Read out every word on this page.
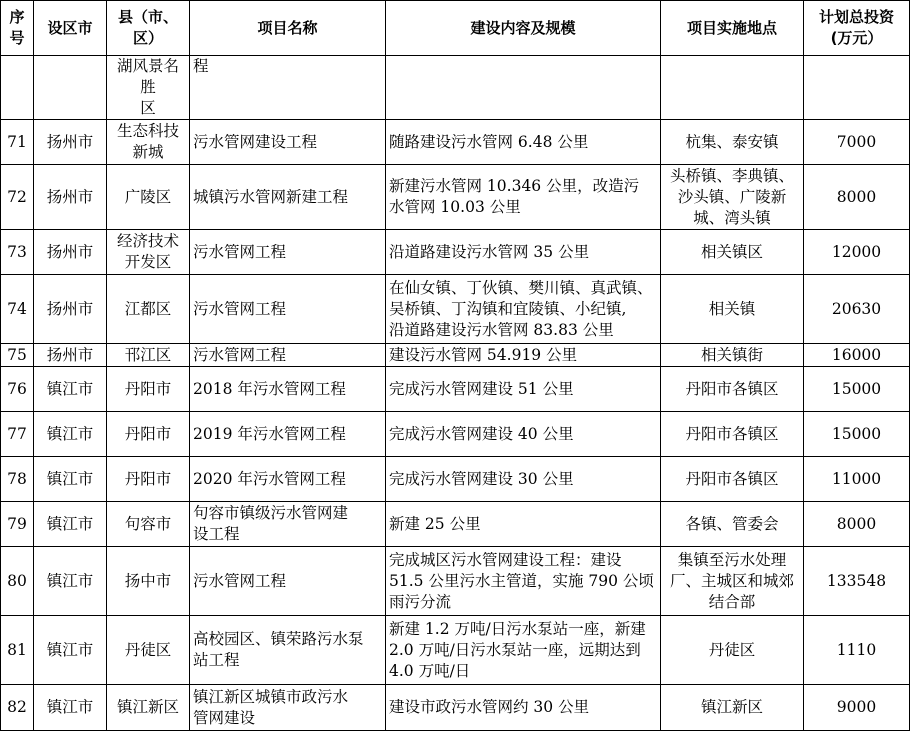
序
号	设区市	县（市、
区）	项目名称	建设内容及规模	项目实施地点	计划总投资
(万元）
		湖风景名胜
区	程			
71	扬州市	生态科技
新城	污水管网建设工程	随路建设污水管网 6.48 公里	杭集、泰安镇	7000
72	扬州市	广陵区	城镇污水管网新建工程	新建污水管网 10.346 公里，改造污
水管网 10.03 公里	头桥镇、李典镇、
沙头镇、广陵新
城、湾头镇	8000
73	扬州市	经济技术
开发区	污水管网工程	沿道路建设污水管网 35 公里	相关镇区	12000
74	扬州市	江都区	污水管网工程	在仙女镇、丁伙镇、樊川镇、真武镇、
吴桥镇、丁沟镇和宜陵镇、小纪镇,
沿道路建设污水管网 83.83 公里	相关镇	20630
75	扬州市	邗江区	污水管网工程	建设污水管网 54.919 公里	相关镇街	16000
76	镇江市	丹阳市	2018 年污水管网工程	完成污水管网建设 51 公里	丹阳市各镇区	15000
77	镇江市	丹阳市	2019 年污水管网工程	完成污水管网建设 40 公里	丹阳市各镇区	15000
78	镇江市	丹阳市	2020 年污水管网工程	完成污水管网建设 30 公里	丹阳市各镇区	11000
79	镇江市	句容市	句容市镇级污水管网建
设工程	新建 25 公里	各镇、管委会	8000
80	镇江市	扬中市	污水管网工程	完成城区污水管网建设工程：建设
51.5 公里污水主管道，实施 790 公顷
雨污分流	集镇至污水处理
厂、主城区和城郊
结合部	133548
81	镇江市	丹徒区	高校园区、镇荣路污水泵
站工程	新建 1.2 万吨/日污水泵站一座，新建
2.0 万吨/日污水泵站一座，远期达到
4.0 万吨/日	丹徒区	1110
82	镇江市	镇江新区	镇江新区城镇市政污水
管网建设	建设市政污水管网约 30 公里	镇江新区	9000
